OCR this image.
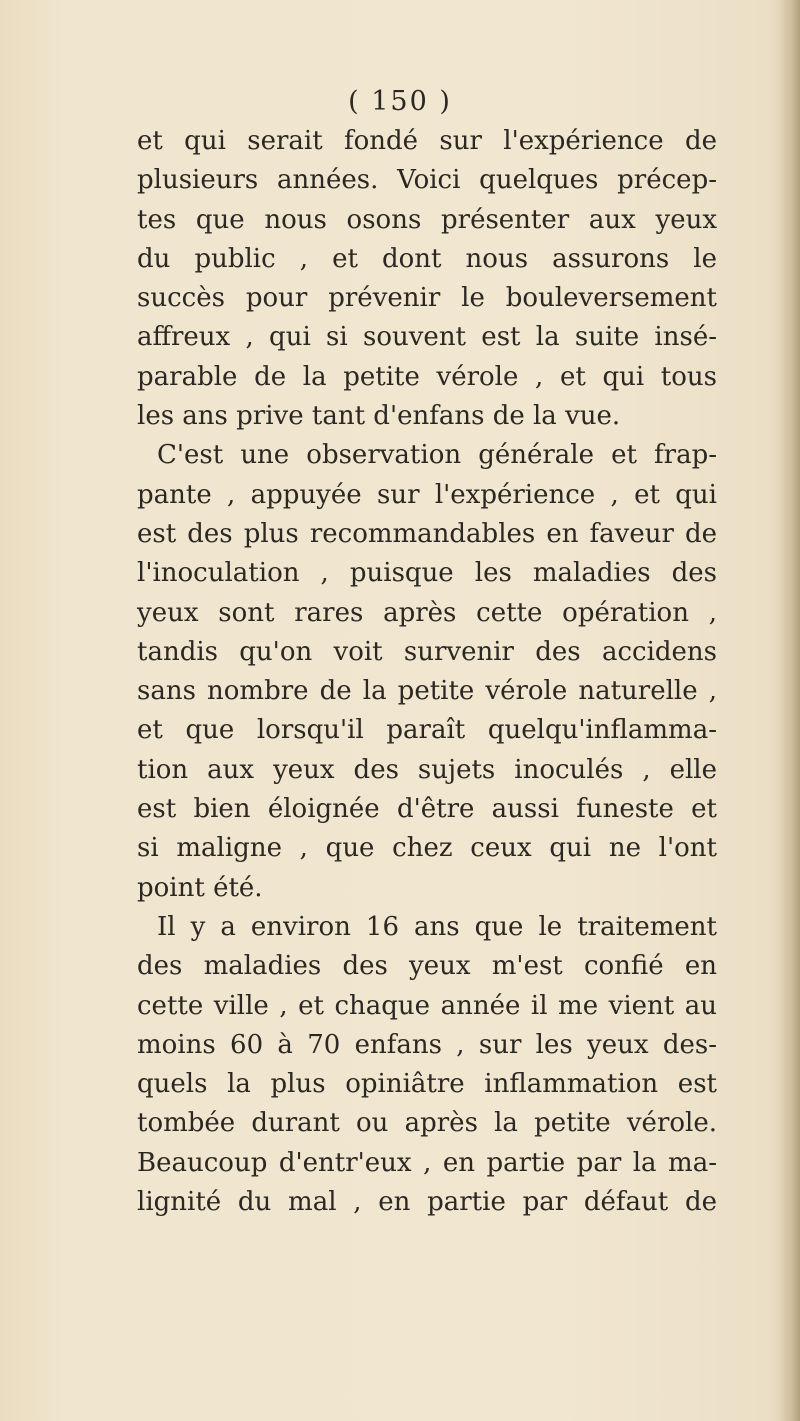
( 150 )
et qui serait fondé sur l'expérience de
plusieurs années. Voici quelques précep-
tes que nous osons présenter aux yeux
du public , et dont nous assurons le
succès pour prévenir le bouleversement
affreux , qui si souvent est la suite insé-
parable de la petite vérole , et qui tous
les ans prive tant d'enfans de la vue.
C'est une observation générale et frap-
pante , appuyée sur l'expérience , et qui
est des plus recommandables en faveur de
l'inoculation , puisque les maladies des
yeux sont rares après cette opération ,
tandis qu'on voit survenir des accidens
sans nombre de la petite vérole naturelle ,
et que lorsqu'il paraît quelqu'inflamma-
tion aux yeux des sujets inoculés , elle
est bien éloignée d'être aussi funeste et
si maligne , que chez ceux qui ne l'ont
point été.
Il y a environ 16 ans que le traitement
des maladies des yeux m'est confié en
cette ville , et chaque année il me vient au
moins 60 à 70 enfans , sur les yeux des-
quels la plus opiniâtre inflammation est
tombée durant ou après la petite vérole.
Beaucoup d'entr'eux , en partie par la ma-
lignité du mal , en partie par défaut de
